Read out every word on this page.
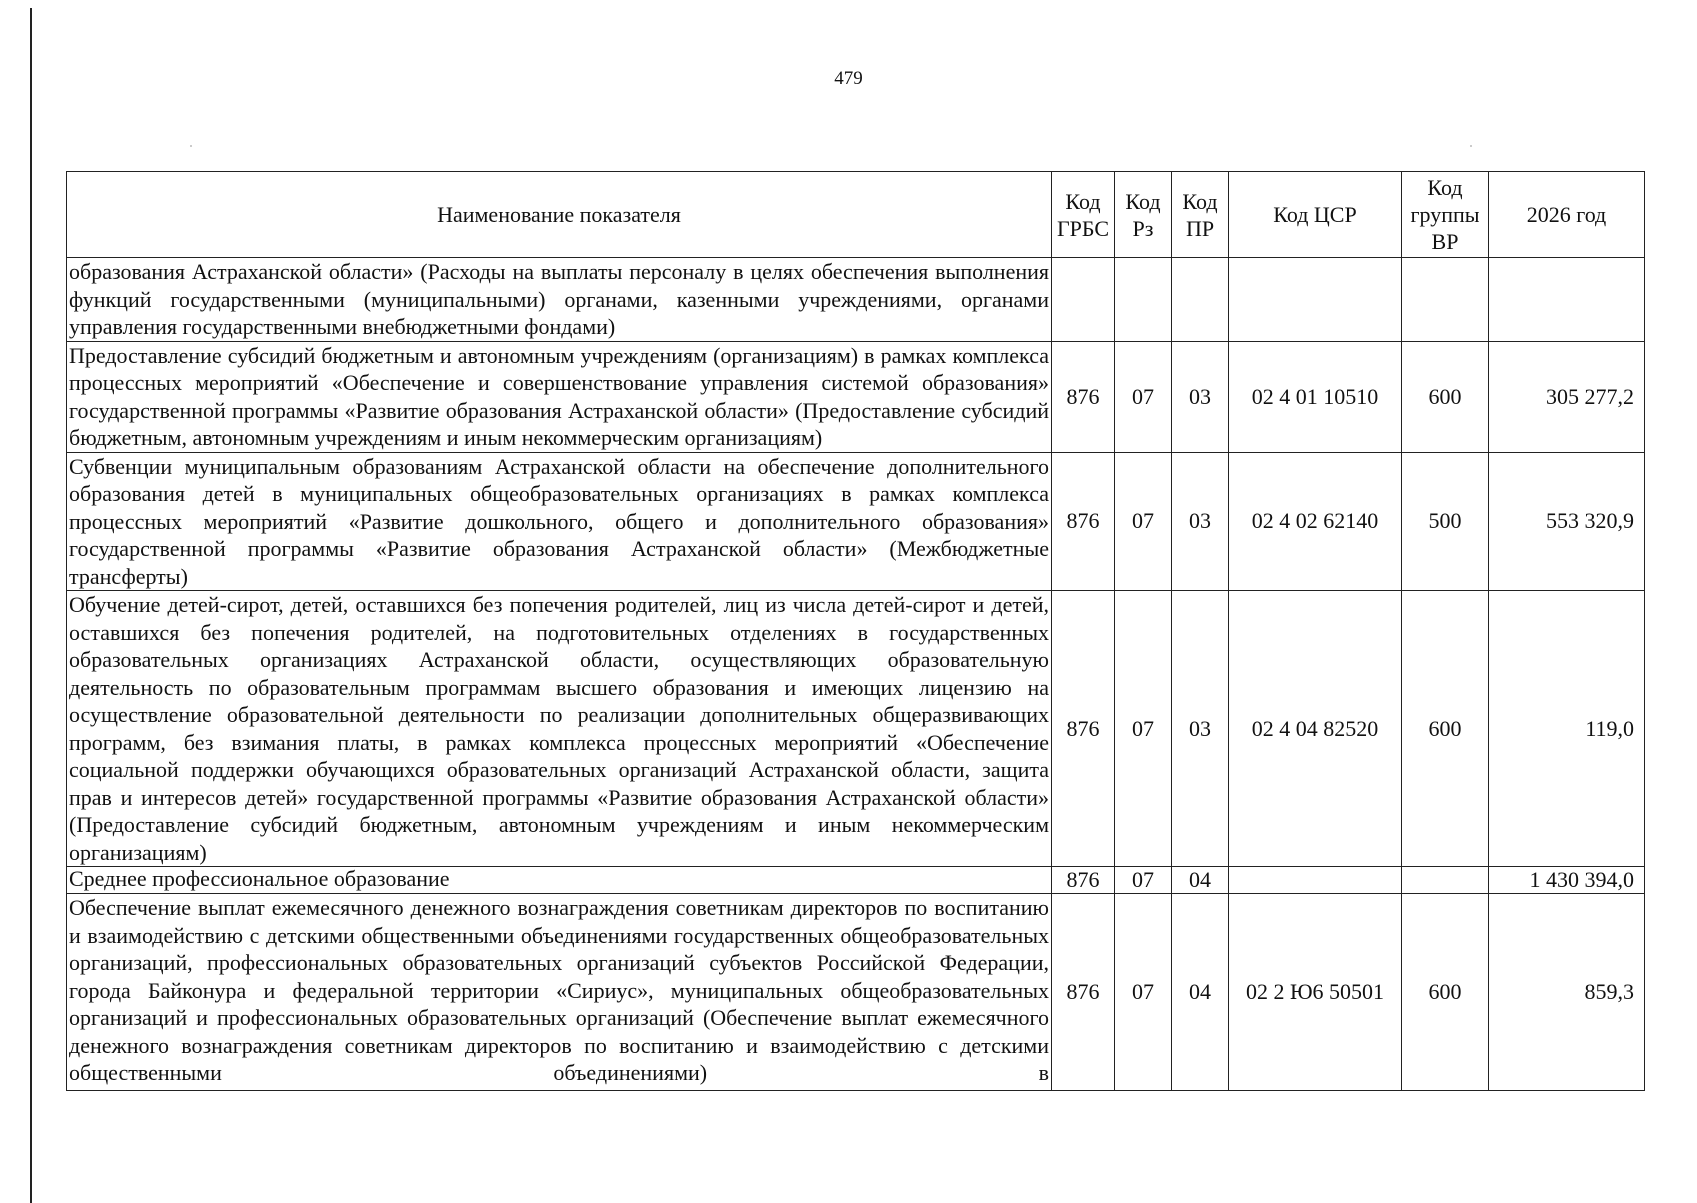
479
Наименование показателя	Код ГРБС	Код Рз	Код ПР	Код ЦСР	Код группы ВР	2026 год
образования Астраханской области» (Расходы на выплаты персоналу в целях обеспечения выполнения функций государственными (муниципальными) органами, казенными учреждениями, органами управления государственными внебюджетными фондами)						
Предоставление субсидий бюджетным и автономным учреждениям (организациям) в рамках комплекса процессных мероприятий «Обеспечение и совершенствование управления системой образования» государственной программы «Развитие образования Астраханской области» (Предоставление субсидий бюджетным, автономным учреждениям и иным некоммерческим организациям)	876	07	03	02 4 01 10510	600	305 277,2
Субвенции муниципальным образованиям Астраханской области на обеспечение дополнительного образования детей в муниципальных общеобразовательных организациях в рамках комплекса процессных мероприятий «Развитие дошкольного, общего и дополнительного образования» государственной программы «Развитие образования Астраханской области» (Межбюджетные трансферты)	876	07	03	02 4 02 62140	500	553 320,9
Обучение детей-сирот, детей, оставшихся без попечения родителей, лиц из числа детей-сирот и детей, оставшихся без попечения родителей, на подготовительных отделениях в государственных образовательных организациях Астраханской области, осуществляющих образовательную деятельность по образовательным программам высшего образования и имеющих лицензию на осуществление образовательной деятельности по реализации дополнительных общеразвивающих программ, без взимания платы, в рамках комплекса процессных мероприятий «Обеспечение социальной поддержки обучающихся образовательных организаций Астраханской области, защита прав и интересов детей» государственной программы «Развитие образования Астраханской области» (Предоставление субсидий бюджетным, автономным учреждениям и иным некоммерческим организациям)	876	07	03	02 4 04 82520	600	119,0
Среднее профессиональное образование	876	07	04			1 430 394,0
Обеспечение выплат ежемесячного денежного вознаграждения советникам директоров по воспитанию и взаимодействию с детскими общественными объединениями государственных общеобразовательных организаций, профессиональных образовательных организаций субъектов Российской Федерации, города Байконура и федеральной территории «Сириус», муниципальных общеобразовательных организаций и профессиональных образовательных организаций (Обеспечение выплат ежемесячного денежного вознаграждения советникам директоров по воспитанию и взаимодействию с детскими общественными объединениями) в	876	07	04	02 2 Ю6 50501	600	859,3
